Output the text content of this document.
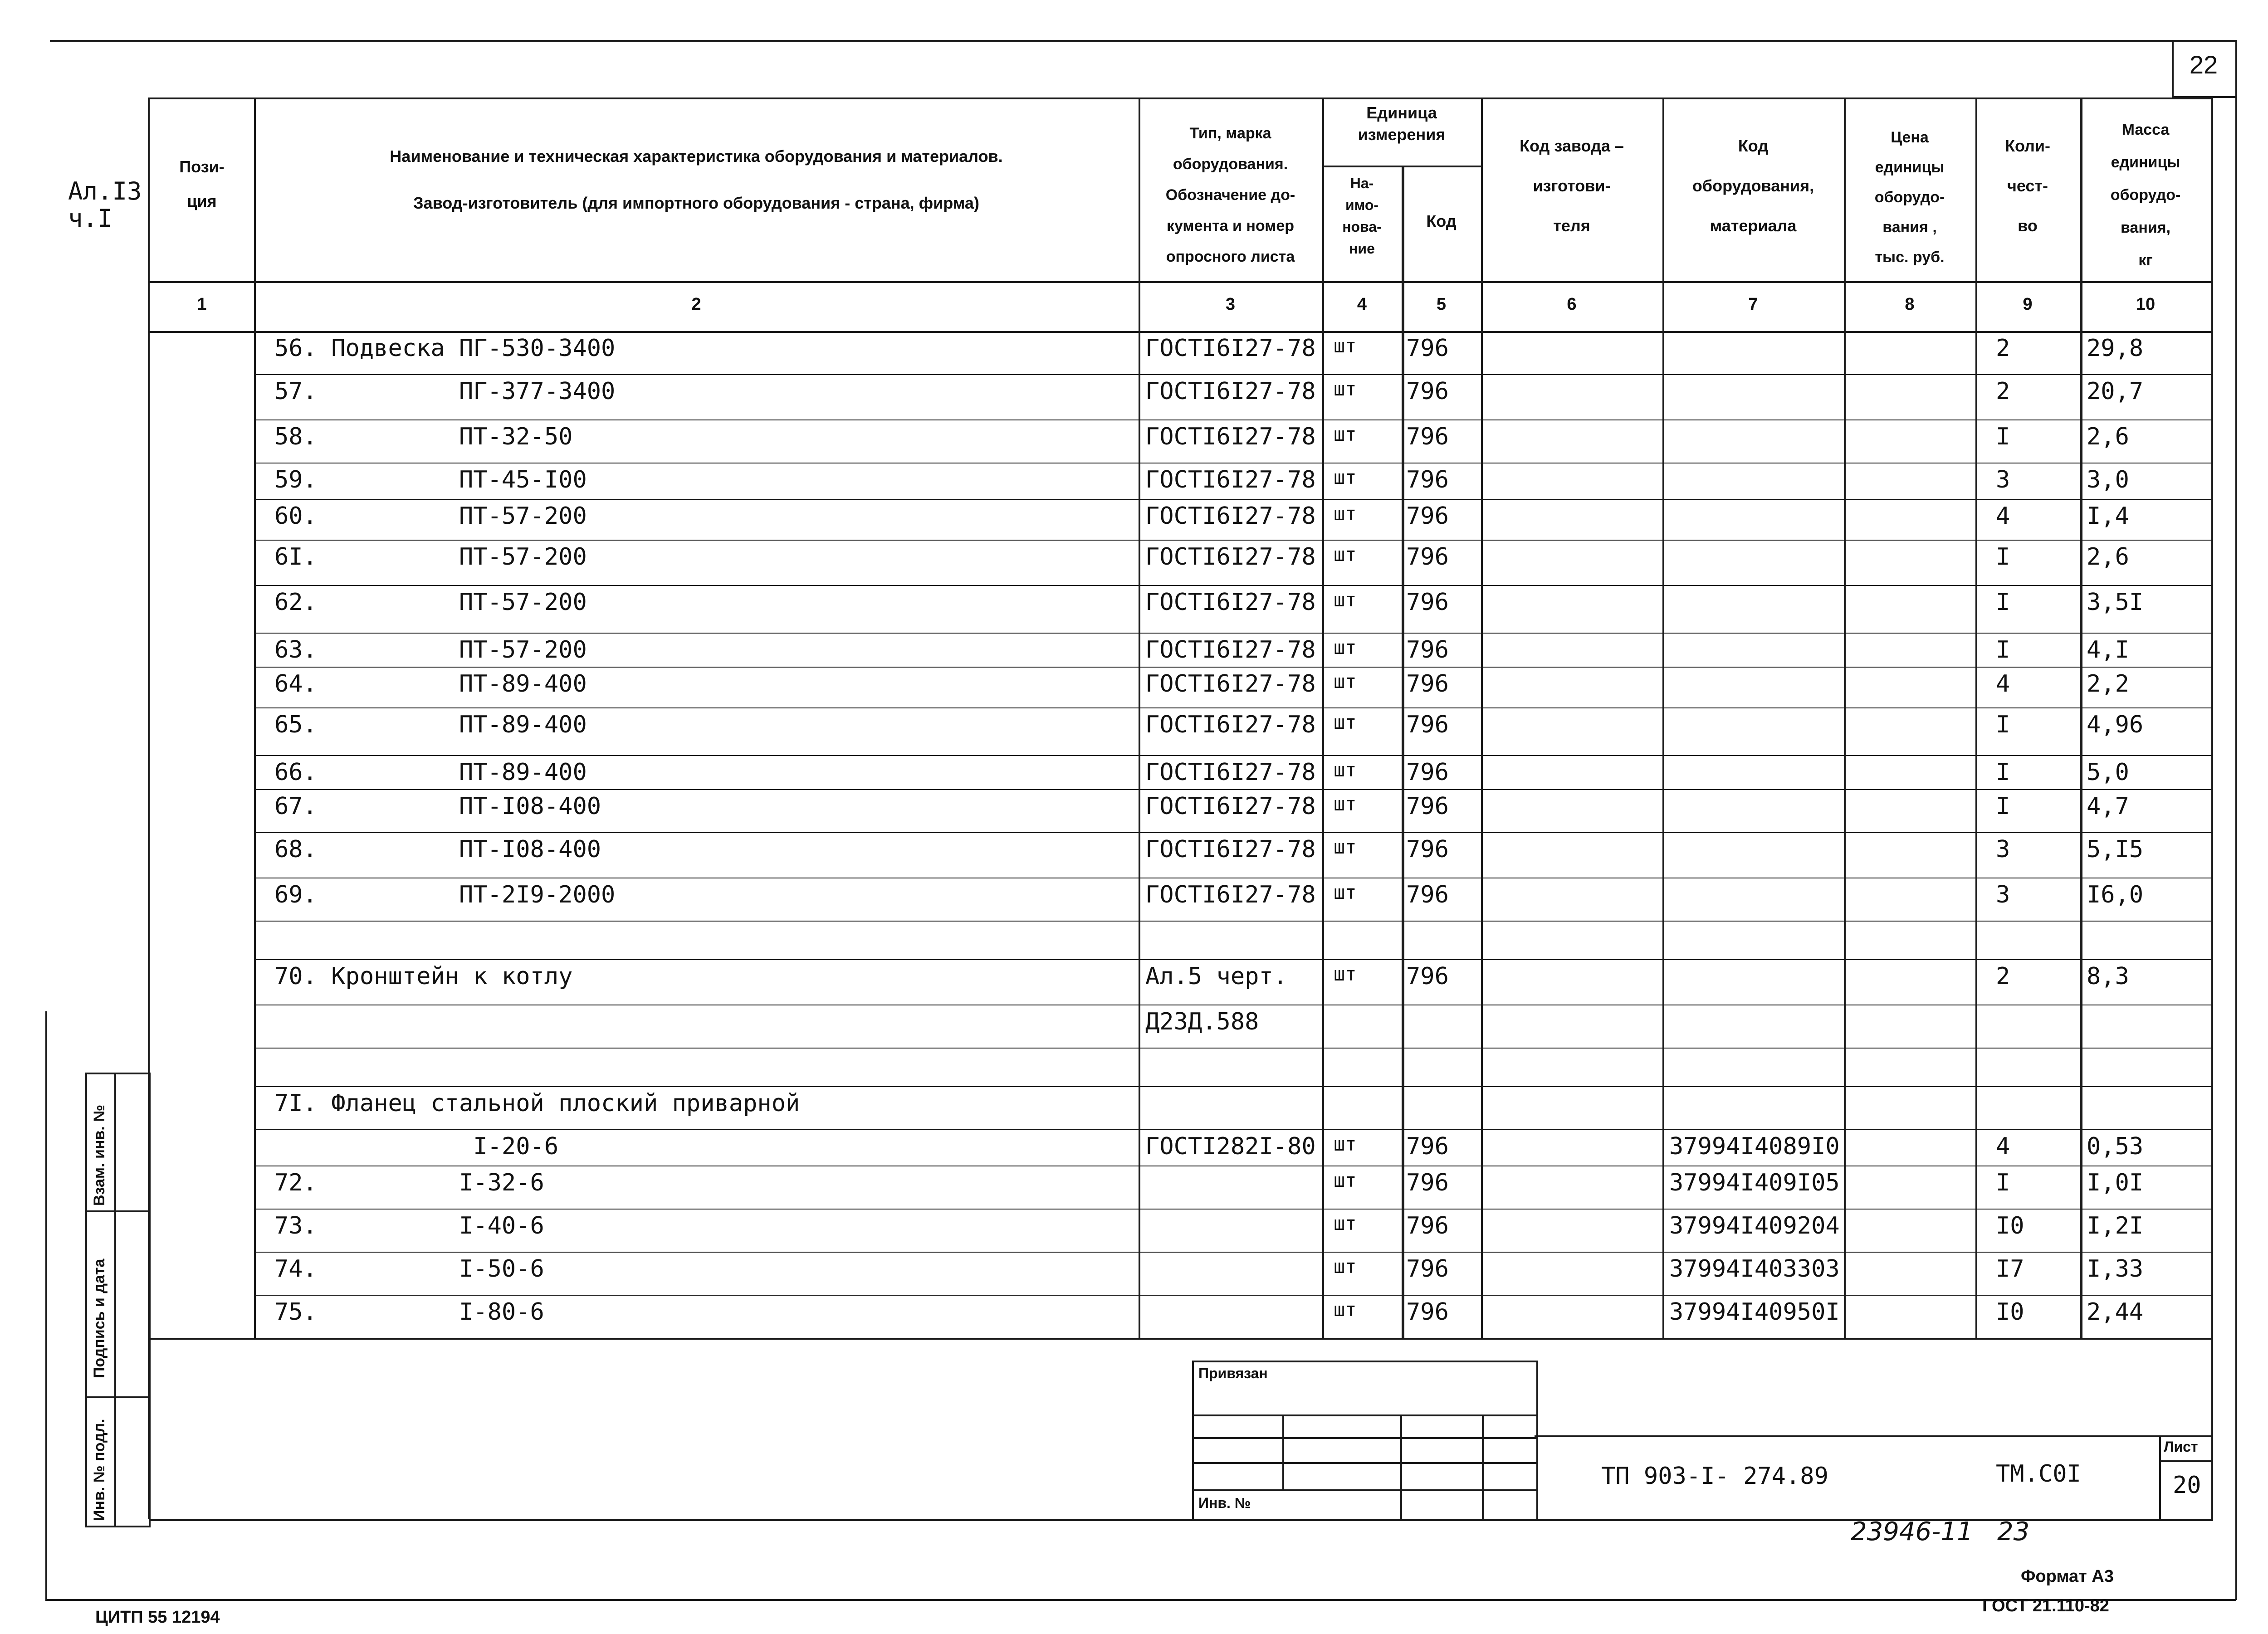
22
Ал.I3
ч.I
Пози-
ция
Наименование и техническая характеристика оборудования и материалов.
Завод-изготовитель (для импортного оборудования - страна, фирма)
Тип, марка
оборудования.
Обозначение до-
кумента и номер
опросного листа
Единица
измерения
На-
имо-
нова-
ние
Код
Код завода –

изготови-

теля
Код

оборудования,

материала
Цена
единицы
оборудо-
вания ,
тыс. руб.
Коли-

чест-

во
Масса
единицы
оборудо-
вания,
кг
1	2	3	4	5	6	7	8	9	10
56. Подвеска ПГ-530-3400	ГОСТI6I27-78 шт 796	2	29,8
57.          ПГ-377-3400	ГОСТI6I27-78 шт 796	2	20,7
58.          ПТ-32-50	ГОСТI6I27-78 шт 796	I	2,6
59.          ПТ-45-I00	ГОСТI6I27-78 шт 796	3	3,0
60.          ПТ-57-200	ГОСТI6I27-78 шт 796	4	I,4
6I.          ПТ-57-200	ГОСТI6I27-78 шт 796	I	2,6
62.          ПТ-57-200	ГОСТI6I27-78 шт 796	I	3,5I
63.          ПТ-57-200	ГОСТI6I27-78 шт 796	I	4,I
64.          ПТ-89-400	ГОСТI6I27-78 шт 796	4	2,2
65.          ПТ-89-400	ГОСТI6I27-78 шт 796	I	4,96
66.          ПТ-89-400	ГОСТI6I27-78 шт 796	I	5,0
67.          ПТ-I08-400	ГОСТI6I27-78 шт 796	I	4,7
68.          ПТ-I08-400	ГОСТI6I27-78 шт 796	3	5,I5
69.          ПТ-2I9-2000	ГОСТI6I27-78 шт 796	3	I6,0
70. Кронштейн к котлу	Ал.5 черт. шт 796	2	8,3
Д23Д.588
7I. Фланец стальной плоский приварной
I-20-6	ГОСТI282I-80 шт 796	37994I4089I0	4	0,53
72.          I-32-6	шт 796	37994I409I05	I	I,0I
73.          I-40-6	шт 796	37994I409204	I0	I,2I
74.          I-50-6	шт 796	37994I403303	I7	I,33
75.          I-80-6	шт 796	37994I40950I	I0	2,44
Взам. инв. №
Подпись и дата
Инв. № подл.
Привязан
Инв. №
ТП 903-I- 274.89	ТМ.С0I
Лист
20
23946-11   23
Формат А3
ГОСТ 21.110-82
ЦИТП 55 12194
